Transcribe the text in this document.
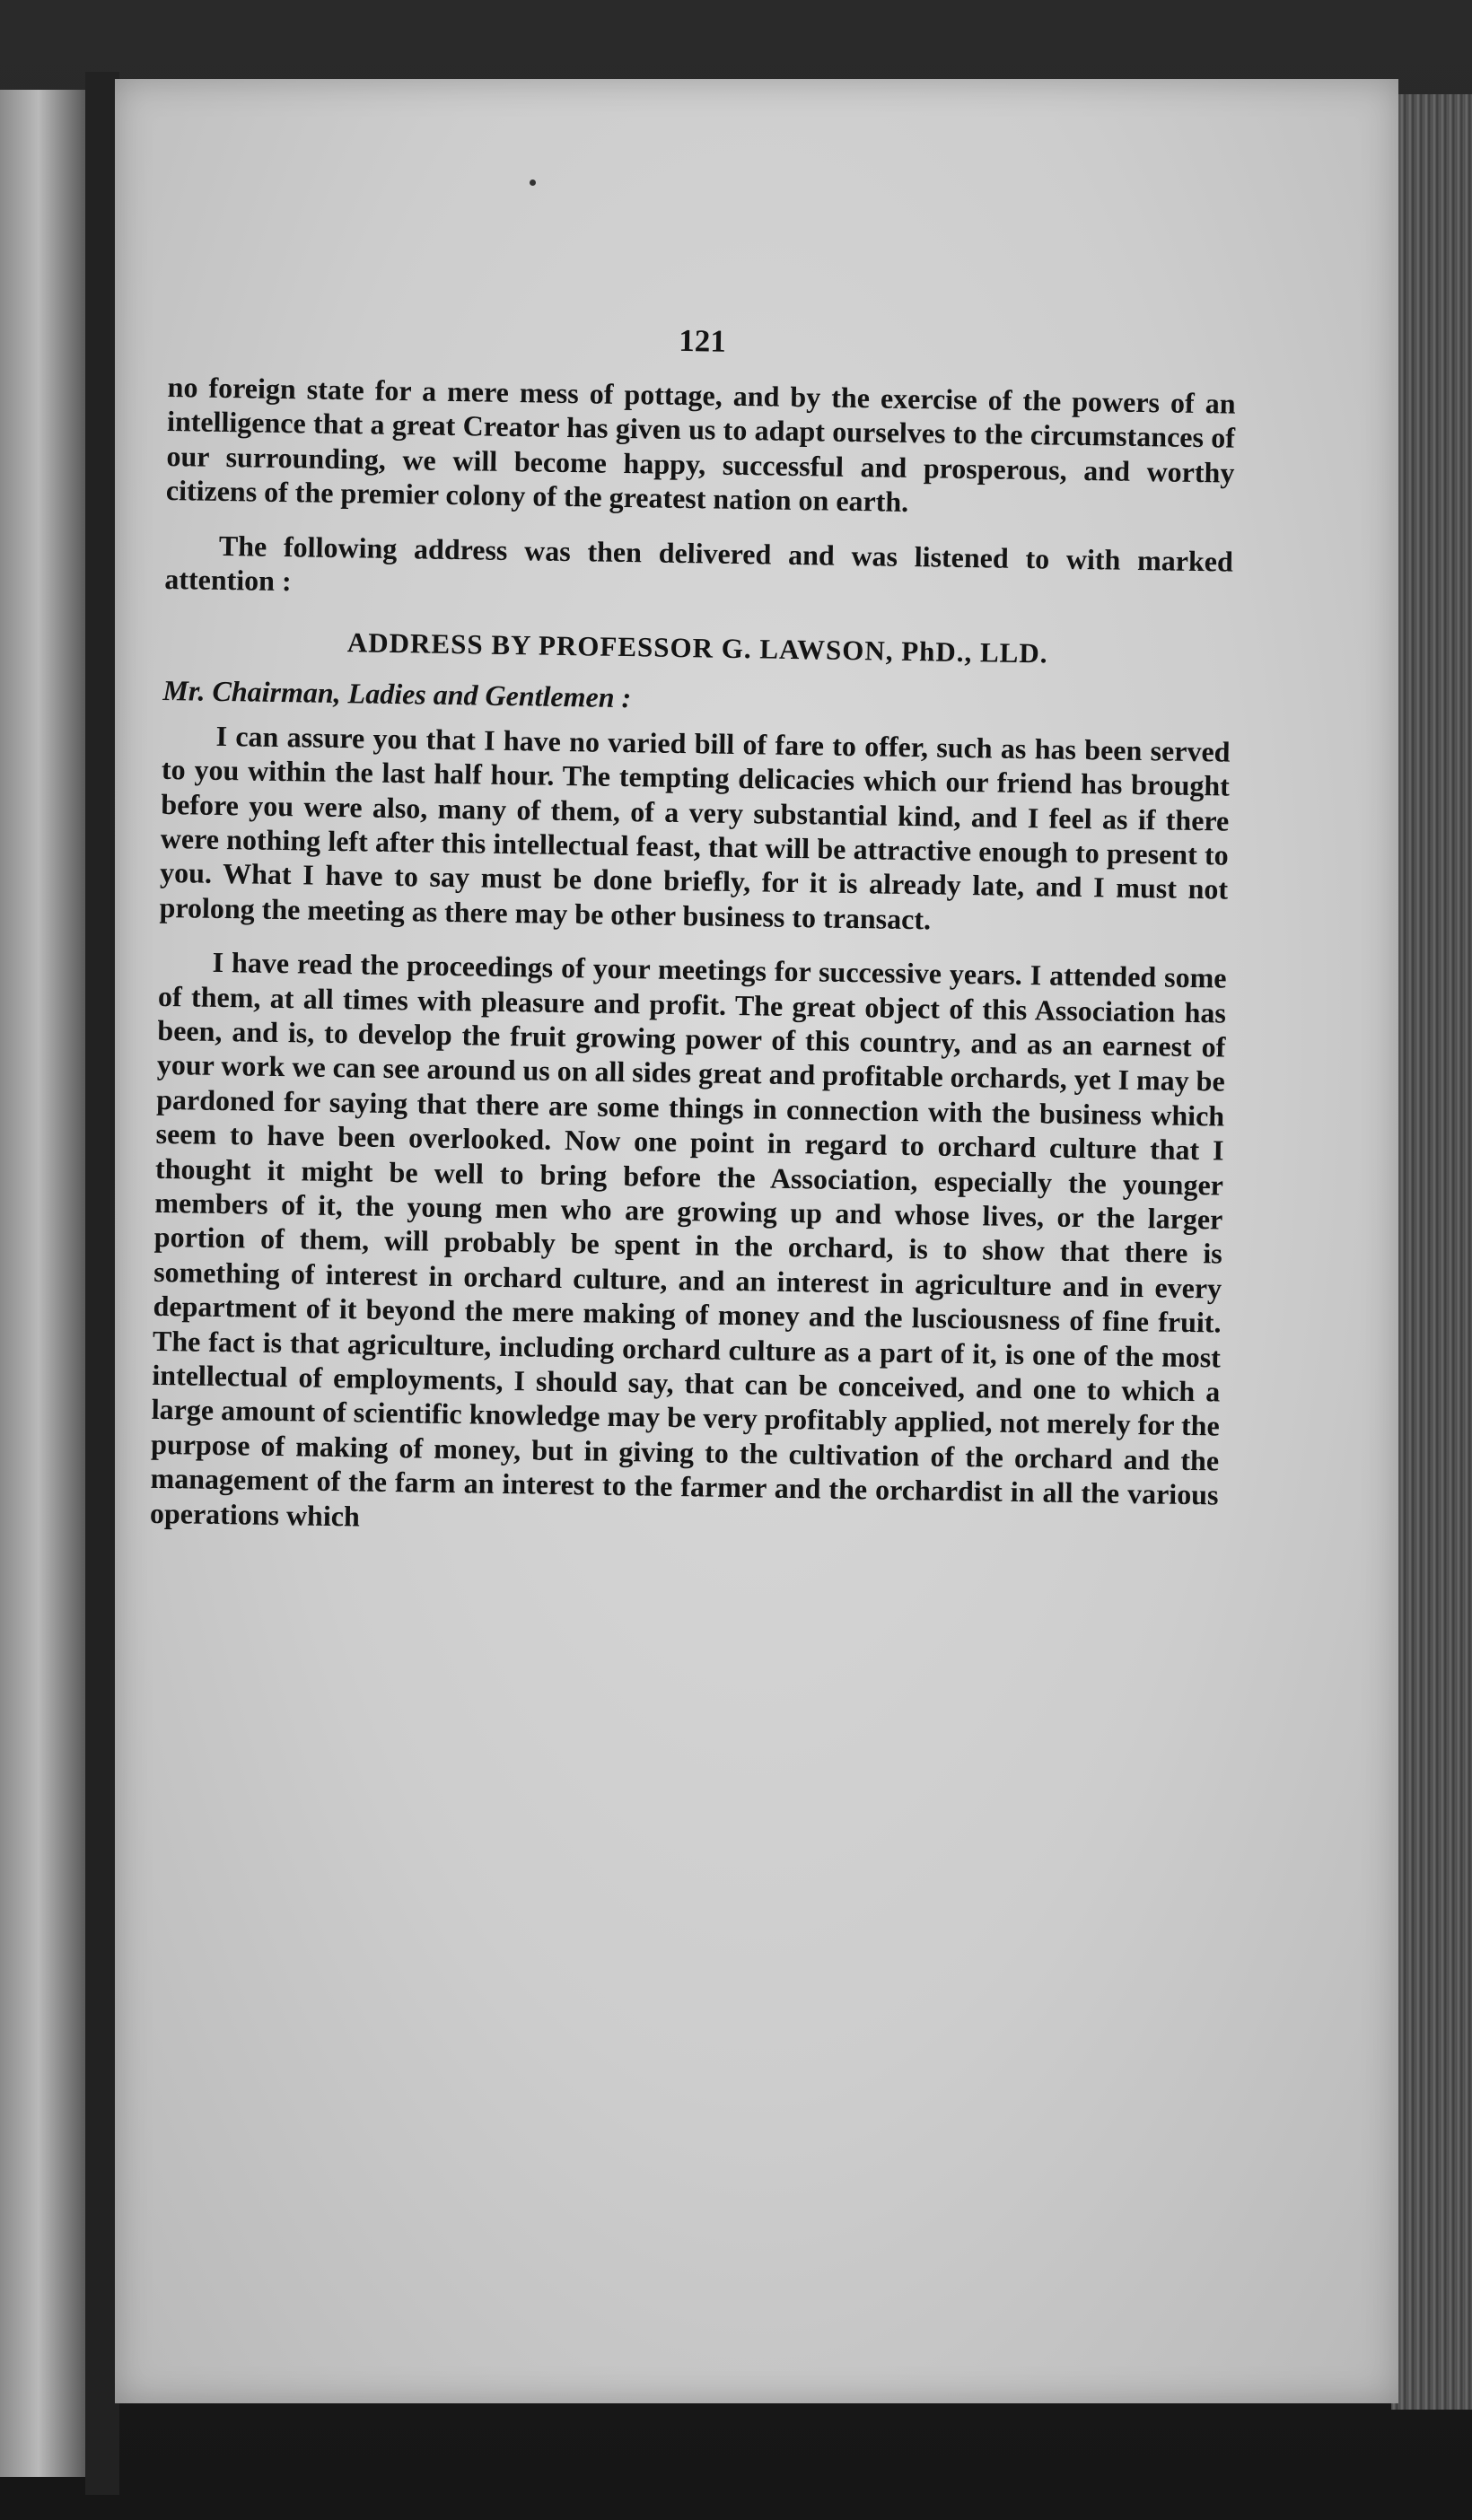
121

no foreign state for a mere mess of pottage, and by the exercise of the powers of an intelligence that a great Creator has given us to adapt ourselves to the circumstances of our surrounding, we will become happy, successful and prosperous, and worthy citizens of the premier colony of the greatest nation on earth.

The following address was then delivered and was listened to with marked attention :

ADDRESS BY PROFESSOR G. LAWSON, PhD., LLD.
Mr. Chairman, Ladies and Gentlemen :

I can assure you that I have no varied bill of fare to offer, such as has been served to you within the last half hour. The tempting delicacies which our friend has brought before you were also, many of them, of a very substantial kind, and I feel as if there were nothing left after this intellectual feast, that will be attractive enough to present to you. What I have to say must be done briefly, for it is already late, and I must not prolong the meeting as there may be other business to transact.

I have read the proceedings of your meetings for successive years. I attended some of them, at all times with pleasure and profit. The great object of this Association has been, and is, to develop the fruit growing power of this country, and as an earnest of your work we can see around us on all sides great and profitable orchards, yet I may be pardoned for saying that there are some things in connection with the business which seem to have been overlooked. Now one point in regard to orchard culture that I thought it might be well to bring before the Association, especially the younger members of it, the young men who are growing up and whose lives, or the larger portion of them, will probably be spent in the orchard, is to show that there is something of interest in orchard culture, and an interest in agriculture and in every department of it beyond the mere making of money and the lusciousness of fine fruit. The fact is that agriculture, including orchard culture as a part of it, is one of the most intellectual of employments, I should say, that can be conceived, and one to which a large amount of scientific knowledge may be very profitably applied, not merely for the purpose of making of money, but in giving to the cultivation of the orchard and the management of the farm an interest to the farmer and the orchardist in all the various operations which
